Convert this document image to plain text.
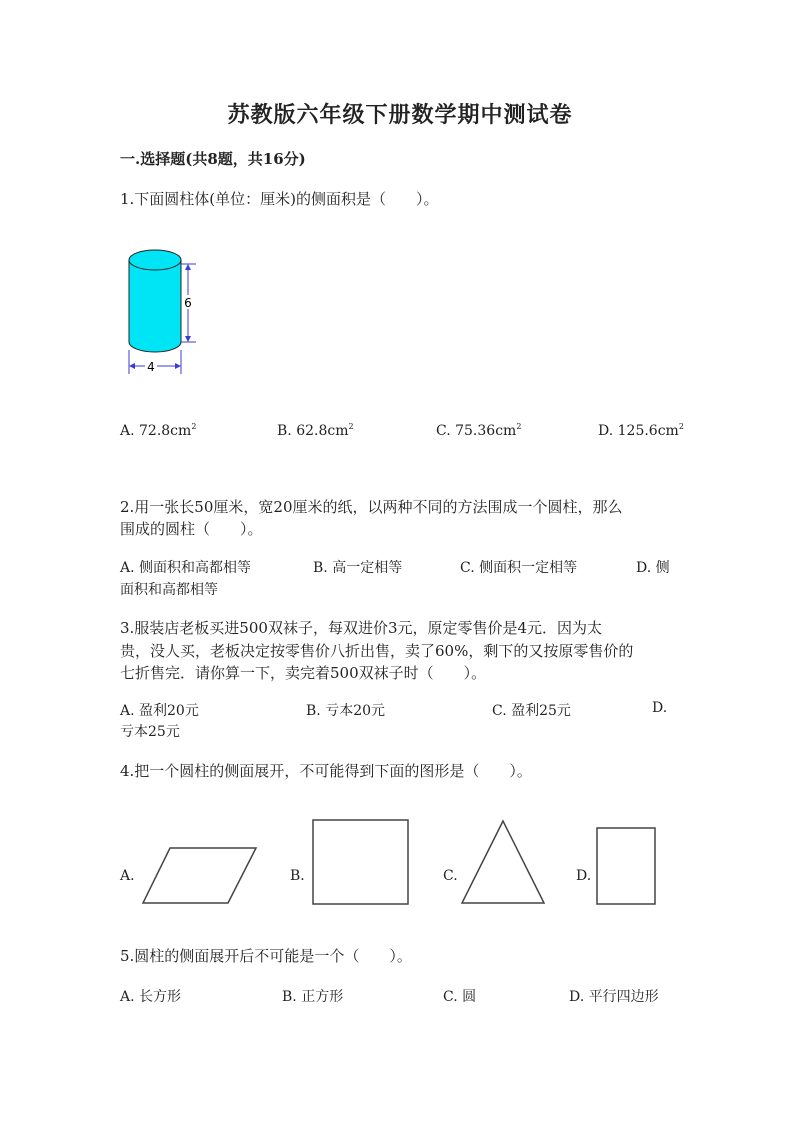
苏教版六年级下册数学期中测试卷
一.选择题(共8题，共16分)
1.下面圆柱体(单位：厘米)的侧面积是（　　）。
6
4
A. $72.8cm^2$	B. $62.8cm^2$	C. $75.36cm^2$	D. $125.6cm^2$
2.用一张长50厘米，宽20厘米的纸，以两种不同的方法围成一个圆柱，那么
围成的圆柱（　　）。
A. 侧面积和高都相等	B. 高一定相等	C. 侧面积一定相等	D. 侧
面积和高都相等
3.服装店老板买进500双袜子，每双进价3元，原定零售价是4元．因为太
贵，没人买，老板决定按零售价八折出售，卖了60%，剩下的又按原零售价的
七折售完．请你算一下，卖完着500双袜子时（　　）。
A. 盈利20元	B. 亏本20元	C. 盈利25元	D.
亏本25元
4.把一个圆柱的侧面展开，不可能得到下面的图形是（　　）。
A.	B.	C.	D.
5.圆柱的侧面展开后不可能是一个（　　）。
A. 长方形	B. 正方形	C. 圆	D. 平行四边形
